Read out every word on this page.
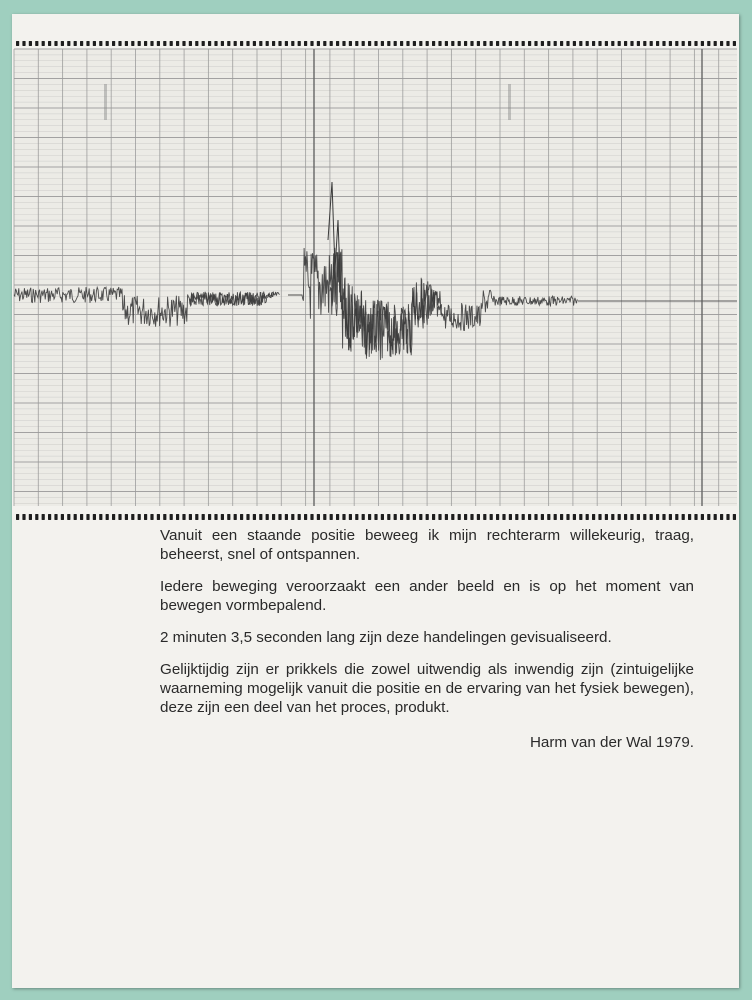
Vanuit een staande positie beweeg ik mijn rechterarm willekeurig, traag, beheerst, snel of ontspannen.

Iedere beweging veroorzaakt een ander beeld en is op het moment van bewegen vormbepalend.

2 minuten 3,5 seconden lang zijn deze handelingen gevisualiseerd.

Gelijktijdig zijn er prikkels die zowel uitwendig als inwendig zijn (zintuigelijke waarneming mogelijk vanuit die positie en de ervaring van het fysiek bewegen), deze zijn een deel van het proces, produkt.

Harm van der Wal 1979.
